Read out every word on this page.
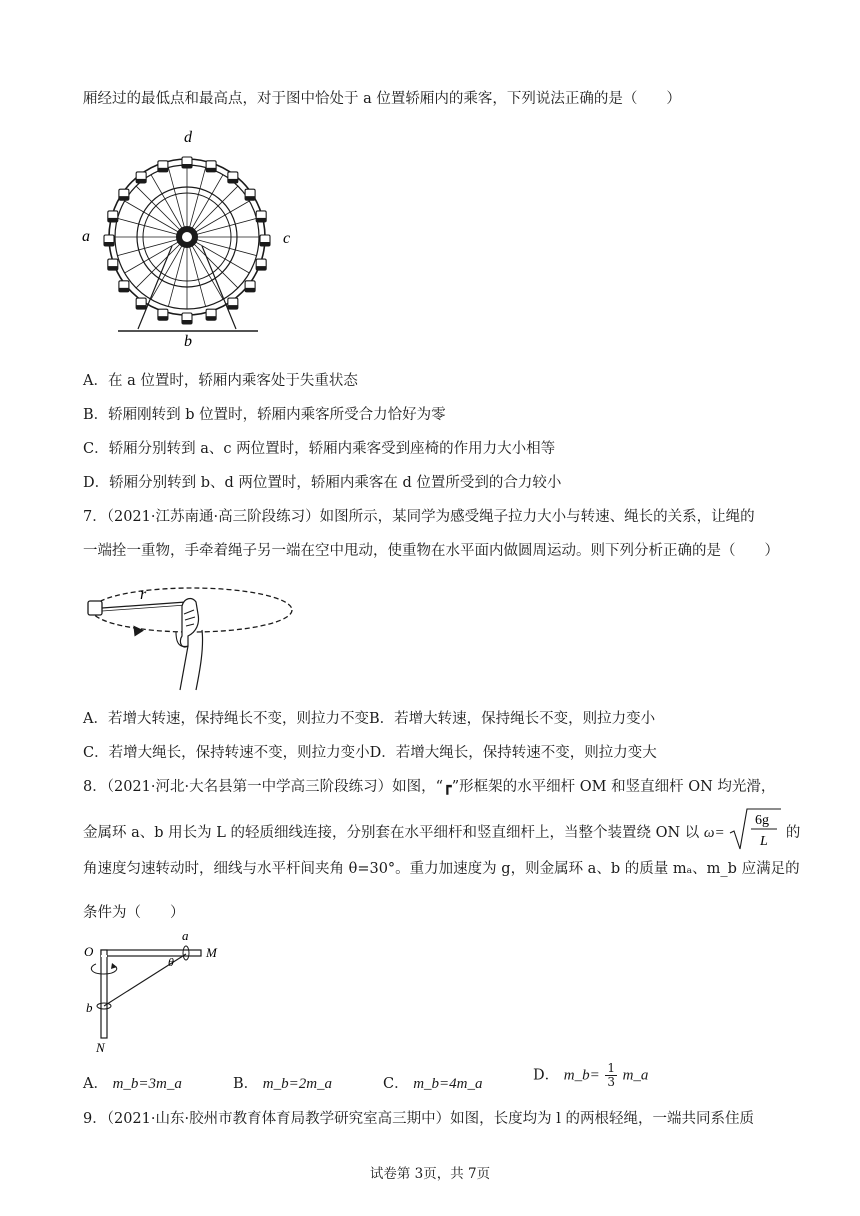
厢经过的最低点和最高点，对于图中恰处于 a 位置轿厢内的乘客，下列说法正确的是（　　）
d
a	c
b
A．在 a 位置时，轿厢内乘客处于失重状态
B．轿厢刚转到 b 位置时，轿厢内乘客所受合力恰好为零
C．轿厢分别转到 a、c 两位置时，轿厢内乘客受到座椅的作用力大小相等
D．轿厢分别转到 b、d 两位置时，轿厢内乘客在 d 位置所受到的合力较小
7．（2021·江苏南通·高三阶段练习）如图所示，某同学为感受绳子拉力大小与转速、绳长的关系，让绳的
一端拴一重物，手牵着绳子另一端在空中甩动，使重物在水平面内做圆周运动。则下列分析正确的是（　　）
r
A．若增大转速，保持绳长不变，则拉力不变B．若增大转速，保持绳长不变，则拉力变小
C．若增大绳长，保持转速不变，则拉力变小D．若增大绳长，保持转速不变，则拉力变大
8．（2021·河北·大名县第一中学高三阶段练习）如图，“┏”形框架的水平细杆 OM 和竖直细杆 ON 均光滑，
金属环 a、b 用长为 L 的轻质细线连接，分别套在水平细杆和竖直细杆上，当整个装置绕 ON 以 ω=
6g
L
的
角速度匀速转动时，细线与水平杆间夹角 θ=30°。重力加速度为 g，则金属环 a、b 的质量 mₐ、m_b 应满足的
条件为（　　）
O	M
N
a
b
θ
A． m_b=3m_a	B． m_b=2m_a	C． m_b=4m_a
D． m_b= $\frac{1}{3}$ m_a
9．（2021·山东·胶州市教育体育局教学研究室高三期中）如图，长度均为 l 的两根轻绳，一端共同系住质
试卷第 3页，共 7页
